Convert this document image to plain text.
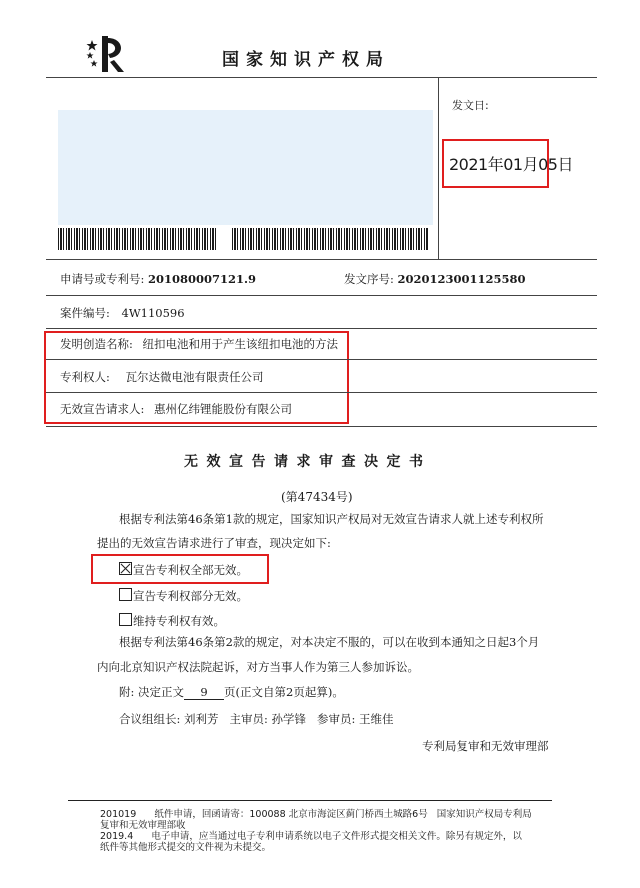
国家知识产权局
发文日:
2021年01月05日
申请号或专利号: 201080007121.9	发文序号: 2020123001125580
案件编号: 4W110596
发明创造名称: 纽扣电池和用于产生该纽扣电池的方法
专利权人: 瓦尔达微电池有限责任公司
无效宣告请求人: 惠州亿纬锂能股份有限公司
无效宣告请求审查决定书
(第47434号)
根据专利法第46条第1款的规定，国家知识产权局对无效宣告请求人就上述专利权所
提出的无效宣告请求进行了审查，现决定如下:
宣告专利权全部无效。
宣告专利权部分无效。
维持专利权有效。
根据专利法第46条第2款的规定，对本决定不服的，可以在收到本通知之日起3个月
内向北京知识产权法院起诉，对方当事人作为第三人参加诉讼。
附: 决定正文 9 页(正文自第2页起算)。
合议组组长: 刘利芳   主审员: 孙学锋   参审员: 王维佳
专利局复审和无效审理部
201019      纸件申请，回函请寄：100088 北京市海淀区蓟门桥西土城路6号   国家知识产权局专利局
复审和无效审理部收
2019.4      电子申请，应当通过电子专利申请系统以电子文件形式提交相关文件。除另有规定外，以
纸件等其他形式提交的文件视为未提交。
